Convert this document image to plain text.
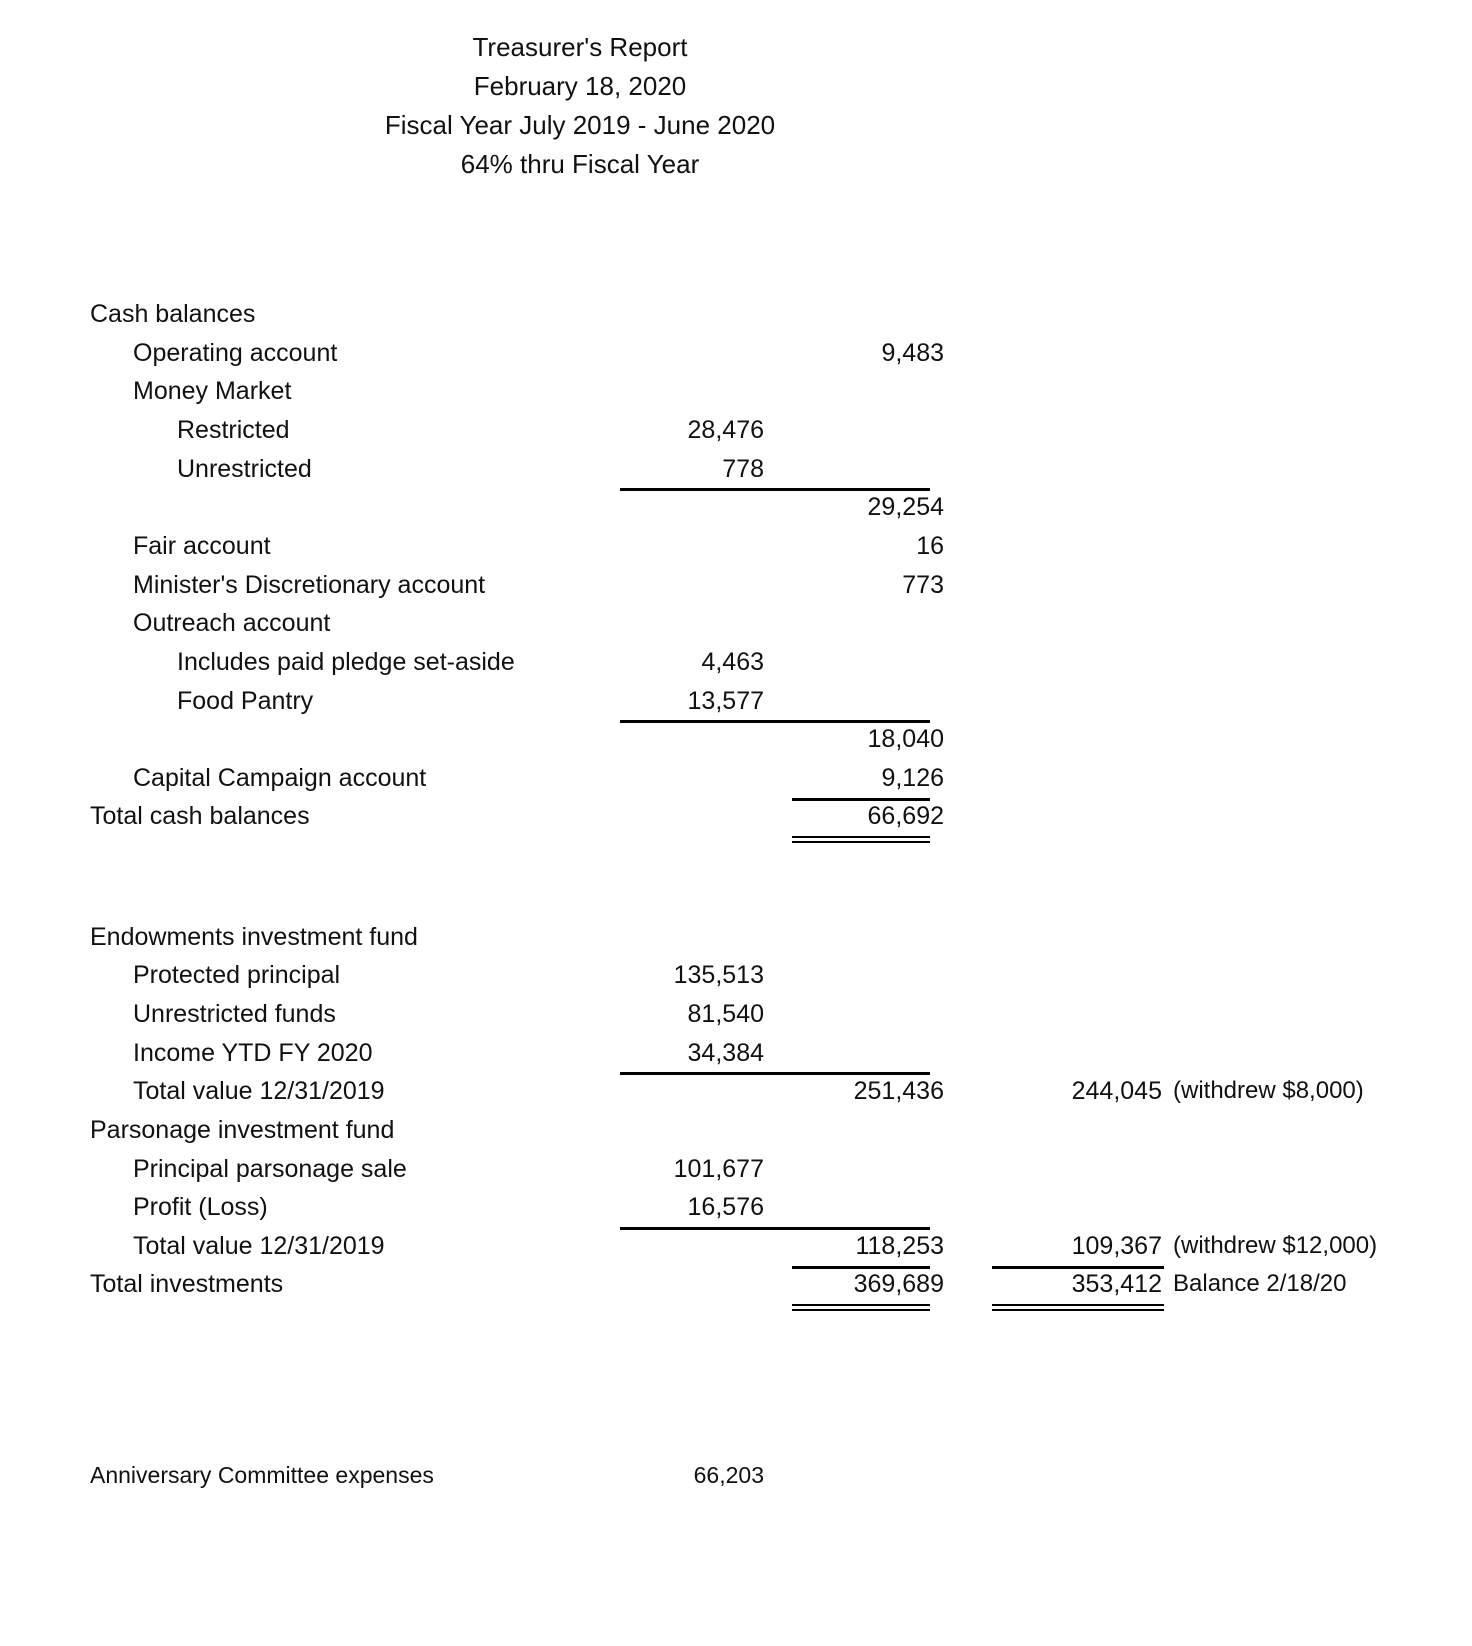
Treasurer's Report
February 18, 2020
Fiscal Year July 2019 - June 2020
64% thru Fiscal Year
Cash balances
Operating account	9,483
Money Market
Restricted	28,476
Unrestricted	778
29,254
Fair account	16
Minister's Discretionary account	773
Outreach account
Includes paid pledge set-aside	4,463
Food Pantry	13,577
18,040
Capital Campaign account	9,126
Total cash balances	66,692
Endowments investment fund
Protected principal	135,513
Unrestricted funds	81,540
Income YTD FY 2020	34,384
Total value 12/31/2019	251,436	244,045 (withdrew $8,000)
Parsonage investment fund
Principal parsonage sale	101,677
Profit (Loss)	16,576
Total value 12/31/2019	118,253	109,367 (withdrew $12,000)
Total investments	369,689	353,412 Balance 2/18/20
Anniversary Committee expenses	66,203
